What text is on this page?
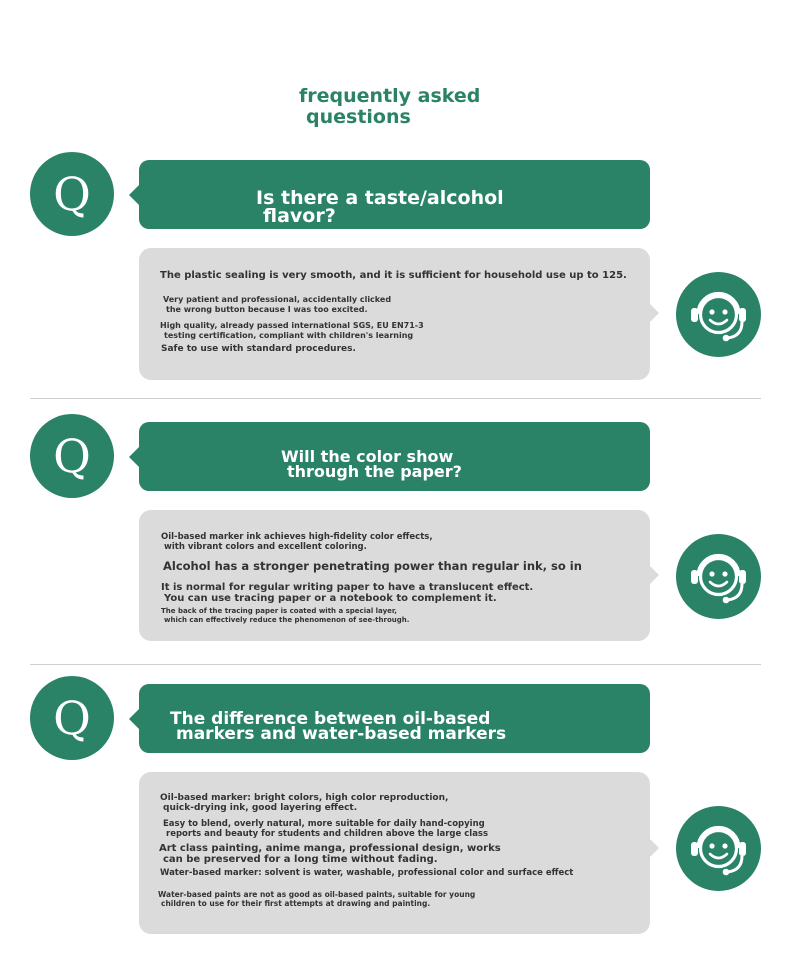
frequently asked
questions
Q	Is there a taste/alcohol
flavor?
The plastic sealing is very smooth, and it is sufficient for household use up to 125.
Very patient and professional, accidentally clicked
the wrong button because I was too excited.
High quality, already passed international SGS, EU EN71-3
testing certification, compliant with children's learning
Safe to use with standard procedures.
Q	Will the color show
through the paper?
Oil-based marker ink achieves high-fidelity color effects,
with vibrant colors and excellent coloring.
Alcohol has a stronger penetrating power than regular ink, so in
It is normal for regular writing paper to have a translucent effect.
You can use tracing paper or a notebook to complement it.
The back of the tracing paper is coated with a special layer,
which can effectively reduce the phenomenon of see-through.
Q	The difference between oil-based
markers and water-based markers
Oil-based marker: bright colors, high color reproduction,
quick-drying ink, good layering effect.
Easy to blend, overly natural, more suitable for daily hand-copying
reports and beauty for students and children above the large class
Art class painting, anime manga, professional design, works
can be preserved for a long time without fading.
Water-based marker: solvent is water, washable, professional color and surface effect
Water-based paints are not as good as oil-based paints, suitable for young
children to use for their first attempts at drawing and painting.
